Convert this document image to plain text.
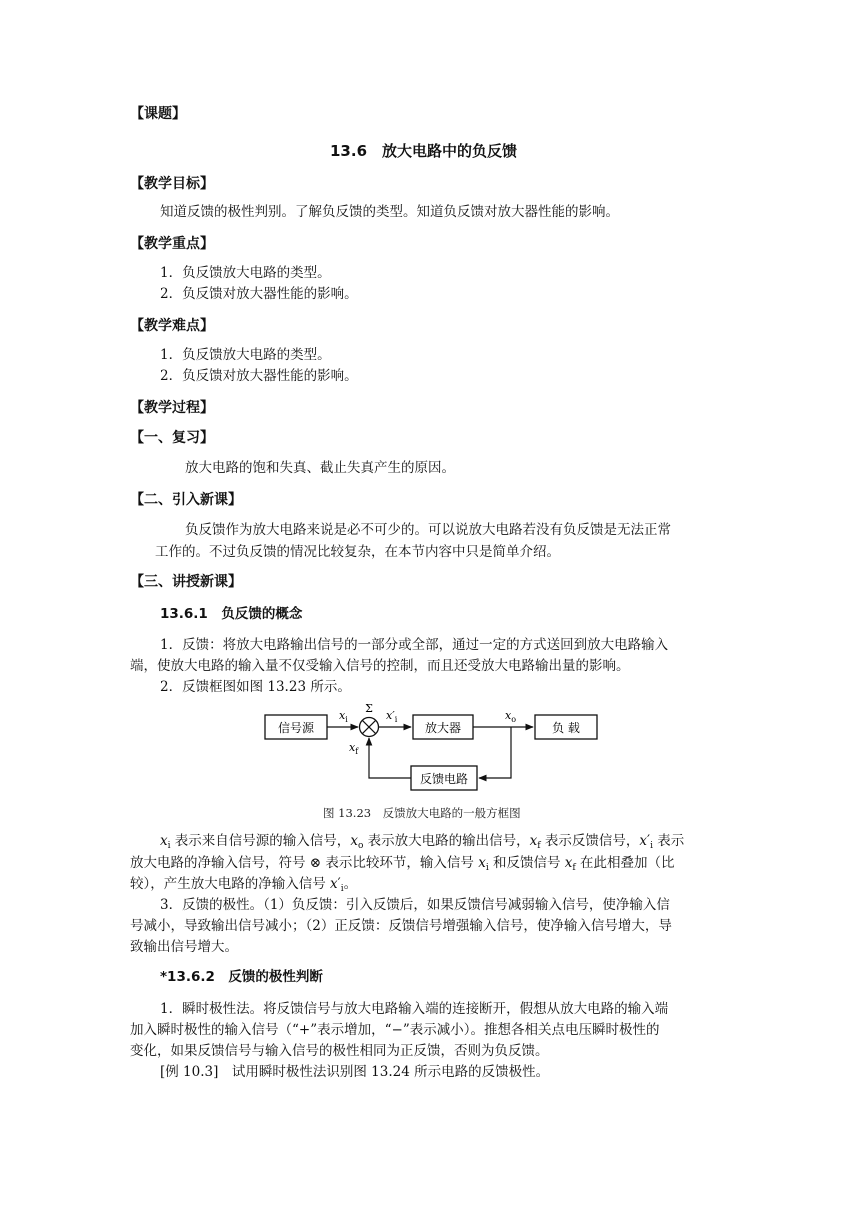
【课题】
13.6　放大电路中的负反馈
【教学目标】
知道反馈的极性判别。了解负反馈的类型。知道负反馈对放大器性能的影响。
【教学重点】
1．负反馈放大电路的类型。
2．负反馈对放大器性能的影响。
【教学难点】
1．负反馈放大电路的类型。
2．负反馈对放大器性能的影响。
【教学过程】
【一、复习】
放大电路的饱和失真、截止失真产生的原因。
【二、引入新课】
负反馈作为放大电路来说是必不可少的。可以说放大电路若没有负反馈是无法正常
工作的。不过负反馈的情况比较复杂，在本节内容中只是简单介绍。
【三、讲授新课】
13.6.1　负反馈的概念
1．反馈：将放大电路输出信号的一部分或全部，通过一定的方式送回到放大电路输入
端，使放大电路的输入量不仅受输入信号的控制，而且还受放大电路输出量的影响。
2．反馈框图如图 13.23 所示。
信号源
Σ
放大器	负 载
反馈电路
$x_i$	$x'_i$	$x_o$
$x_f$
图 13.23　反馈放大电路的一般方框图
$x_i$ 表示来自信号源的输入信号，$x_o$ 表示放大电路的输出信号，$x_f$ 表示反馈信号，$x'_i$ 表示
放大电路的净输入信号，符号 ⊗ 表示比较环节，输入信号 $x_i$ 和反馈信号 $x_f$ 在此相叠加（比
较），产生放大电路的净输入信号 $x'_i$。
3．反馈的极性。（1）负反馈：引入反馈后，如果反馈信号减弱输入信号，使净输入信
号减小，导致输出信号减小；（2）正反馈：反馈信号增强输入信号，使净输入信号增大，导
致输出信号增大。
*13.6.2　反馈的极性判断
1．瞬时极性法。将反馈信号与放大电路输入端的连接断开，假想从放大电路的输入端
加入瞬时极性的输入信号（“+”表示增加，“−”表示减小）。推想各相关点电压瞬时极性的
变化，如果反馈信号与输入信号的极性相同为正反馈，否则为负反馈。
[例 10.3]　试用瞬时极性法识别图 13.24 所示电路的反馈极性。
